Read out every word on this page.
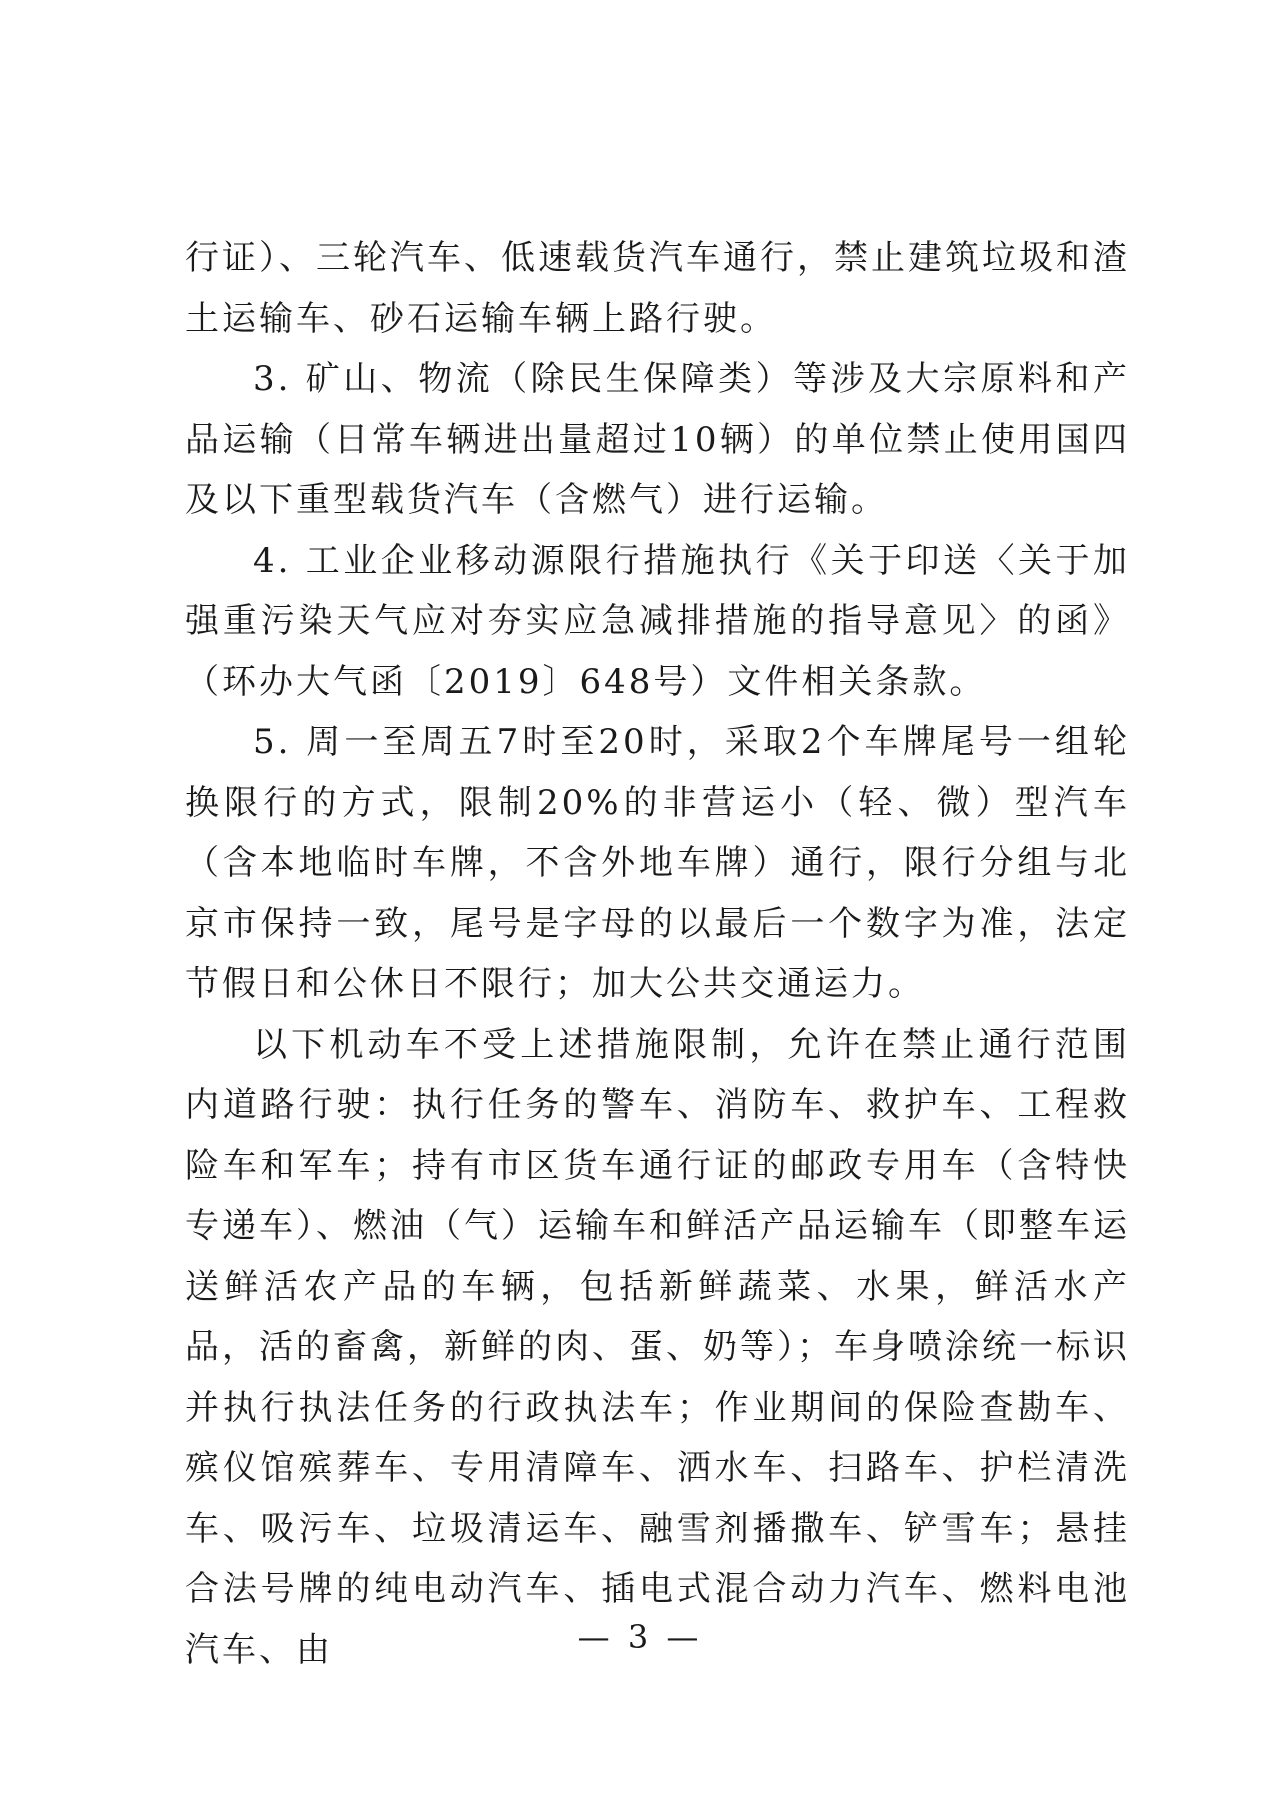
行证）、三轮汽车、低速载货汽车通行，禁止建筑垃圾和渣土运输车、砂石运输车辆上路行驶。

3. 矿山、物流（除民生保障类）等涉及大宗原料和产品运输（日常车辆进出量超过10辆）的单位禁止使用国四及以下重型载货汽车（含燃气）进行运输。

4. 工业企业移动源限行措施执行《关于印送〈关于加强重污染天气应对夯实应急减排措施的指导意见〉的函》（环办大气函〔2019〕648号）文件相关条款。

5. 周一至周五7时至20时，采取2个车牌尾号一组轮换限行的方式，限制20%的非营运小（轻、微）型汽车（含本地临时车牌，不含外地车牌）通行，限行分组与北京市保持一致，尾号是字母的以最后一个数字为准，法定节假日和公休日不限行；加大公共交通运力。

以下机动车不受上述措施限制，允许在禁止通行范围内道路行驶：执行任务的警车、消防车、救护车、工程救险车和军车；持有市区货车通行证的邮政专用车（含特快专递车）、燃油（气）运输车和鲜活产品运输车（即整车运送鲜活农产品的车辆，包括新鲜蔬菜、水果，鲜活水产品，活的畜禽，新鲜的肉、蛋、奶等）；车身喷涂统一标识并执行执法任务的行政执法车；作业期间的保险查勘车、殡仪馆殡葬车、专用清障车、洒水车、扫路车、护栏清洗车、吸污车、垃圾清运车、融雪剂播撒车、铲雪车；悬挂合法号牌的纯电动汽车、插电式混合动力汽车、燃料电池汽车、由	— 3 —
